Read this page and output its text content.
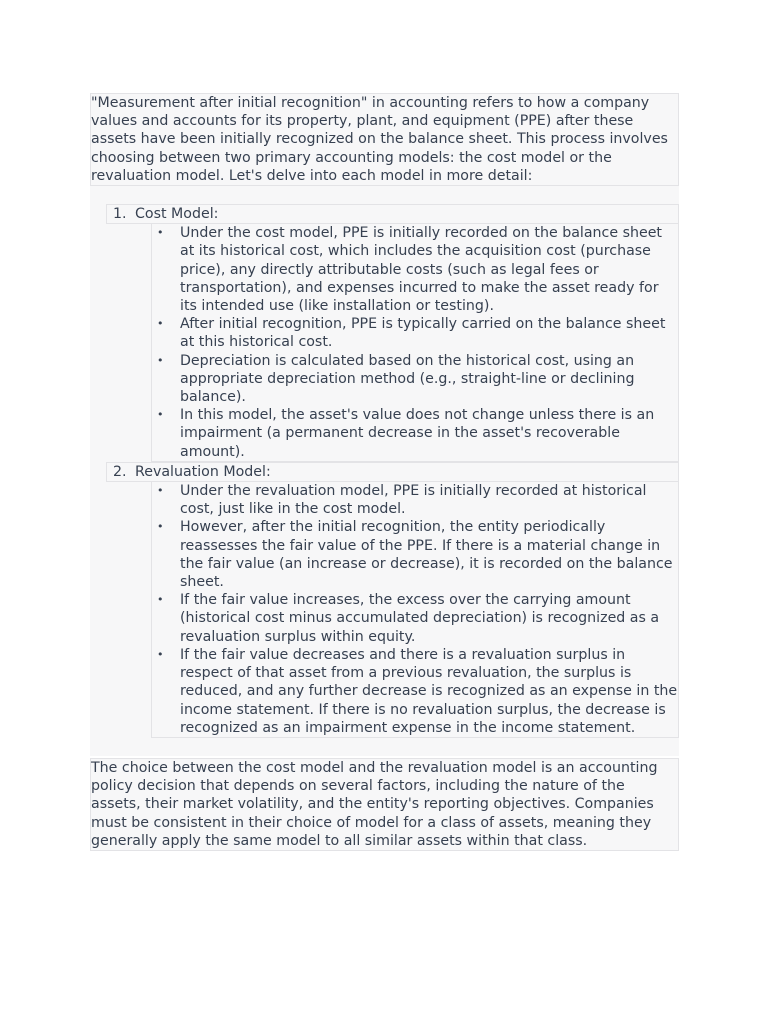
"Measurement after initial recognition" in accounting refers to how a company values and accounts for its property, plant, and equipment (PPE) after these assets have been initially recognized on the balance sheet. This process involves choosing between two primary accounting models: the cost model or the revaluation model. Let's delve into each model in more detail:

1. Cost Model:
• Under the cost model, PPE is initially recorded on the balance sheet at its historical cost, which includes the acquisition cost (purchase price), any directly attributable costs (such as legal fees or transportation), and expenses incurred to make the asset ready for its intended use (like installation or testing).
• After initial recognition, PPE is typically carried on the balance sheet at this historical cost.
• Depreciation is calculated based on the historical cost, using an appropriate depreciation method (e.g., straight-line or declining balance).
• In this model, the asset's value does not change unless there is an impairment (a permanent decrease in the asset's recoverable amount).
2. Revaluation Model:
• Under the revaluation model, PPE is initially recorded at historical cost, just like in the cost model.
• However, after the initial recognition, the entity periodically reassesses the fair value of the PPE. If there is a material change in the fair value (an increase or decrease), it is recorded on the balance sheet.
• If the fair value increases, the excess over the carrying amount (historical cost minus accumulated depreciation) is recognized as a revaluation surplus within equity.
• If the fair value decreases and there is a revaluation surplus in respect of that asset from a previous revaluation, the surplus is reduced, and any further decrease is recognized as an expense in the income statement. If there is no revaluation surplus, the decrease is recognized as an impairment expense in the income statement.

The choice between the cost model and the revaluation model is an accounting policy decision that depends on several factors, including the nature of the assets, their market volatility, and the entity's reporting objectives. Companies must be consistent in their choice of model for a class of assets, meaning they generally apply the same model to all similar assets within that class.
